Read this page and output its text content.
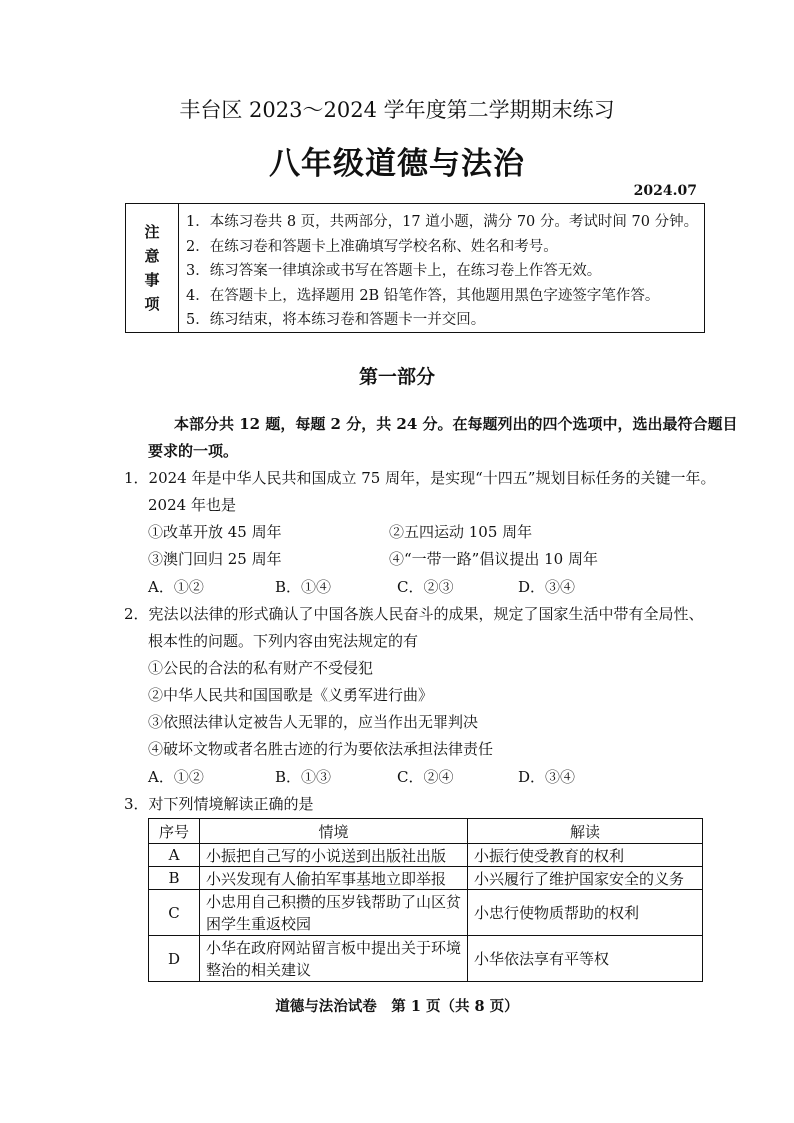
丰台区 2023～2024 学年度第二学期期末练习
八年级道德与法治
2024.07
注
意
事
项
1．本练习卷共 8 页，共两部分，17 道小题，满分 70 分。考试时间 70 分钟。
2．在练习卷和答题卡上准确填写学校名称、姓名和考号。
3．练习答案一律填涂或书写在答题卡上，在练习卷上作答无效。
4．在答题卡上，选择题用 2B 铅笔作答，其他题用黑色字迹签字笔作答。
5．练习结束，将本练习卷和答题卡一并交回。
第一部分
本部分共 12 题，每题 2 分，共 24 分。在每题列出的四个选项中，选出最符合题目
要求的一项。
1．2024 年是中华人民共和国成立 75 周年，是实现“十四五”规划目标任务的关键一年。
2024 年也是
①改革开放 45 周年	②五四运动 105 周年
③澳门回归 25 周年	④“一带一路”倡议提出 10 周年
A．①②	B．①④	C．②③	D．③④
2．宪法以法律的形式确认了中国各族人民奋斗的成果，规定了国家生活中带有全局性、
根本性的问题。下列内容由宪法规定的有
①公民的合法的私有财产不受侵犯
②中华人民共和国国歌是《义勇军进行曲》
③依照法律认定被告人无罪的，应当作出无罪判决
④破坏文物或者名胜古迹的行为要依法承担法律责任
A．①②	B．①③	C．②④	D．③④
3．对下列情境解读正确的是
序号	情境	解读
A	小振把自己写的小说送到出版社出版	小振行使受教育的权利
B	小兴发现有人偷拍军事基地立即举报	小兴履行了维护国家安全的义务
C	小忠用自己积攒的压岁钱帮助了山区贫困学生重返校园	小忠行使物质帮助的权利
D	小华在政府网站留言板中提出关于环境整治的相关建议	小华依法享有平等权
道德与法治试卷　第 1 页（共 8 页）
